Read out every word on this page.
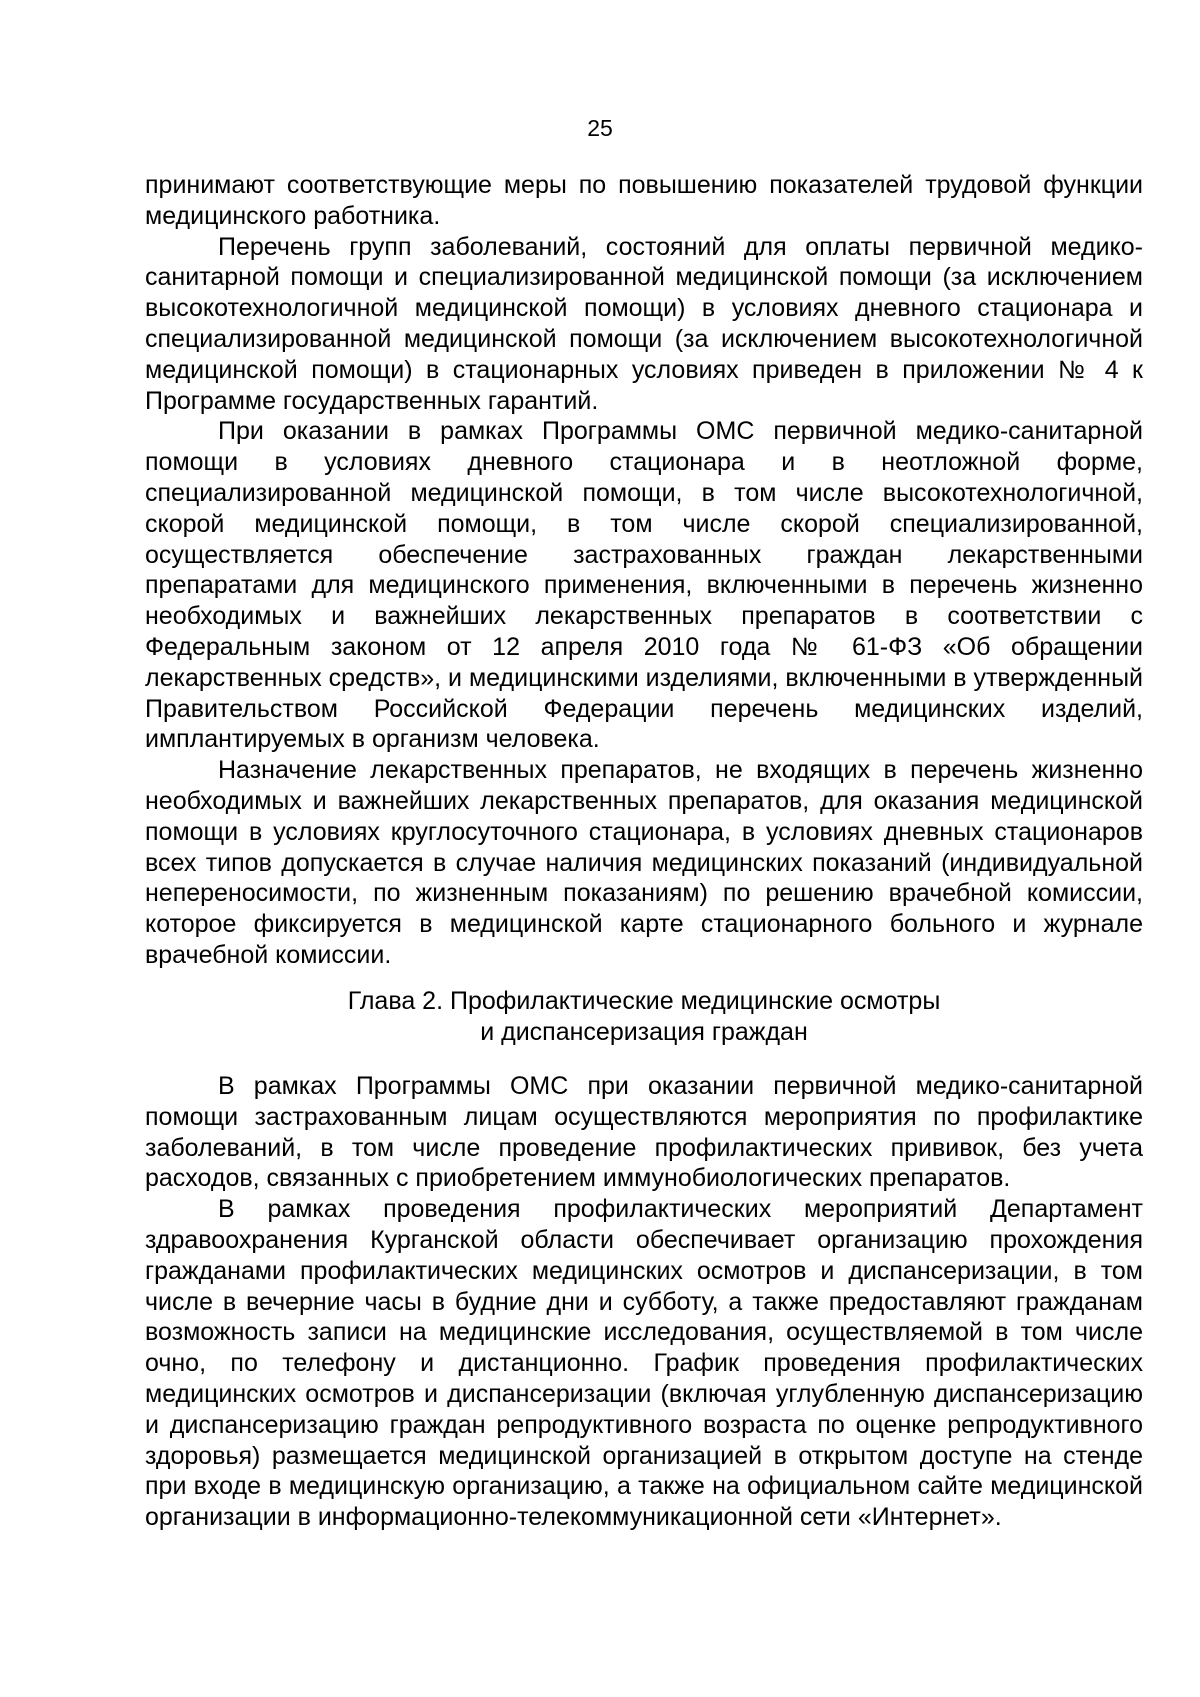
25

принимают соответствующие меры по повышению показателей трудовой функции медицинского работника.

Перечень групп заболеваний, состояний для оплаты первичной медико-санитарной помощи и специализированной медицинской помощи (за исключением высокотехнологичной медицинской помощи) в условиях дневного стационара и специализированной медицинской помощи (за исключением высокотехнологичной медицинской помощи) в стационарных условиях приведен в приложении № 4 к Программе государственных гарантий.

При оказании в рамках Программы ОМС первичной медико-санитарной помощи в условиях дневного стационара и в неотложной форме, специализированной медицинской помощи, в том числе высокотехнологичной, скорой медицинской помощи, в том числе скорой специализированной, осуществляется обеспечение застрахованных граждан лекарственными препаратами для медицинского применения, включенными в перечень жизненно необходимых и важнейших лекарственных препаратов в соответствии с Федеральным законом от 12 апреля 2010 года № 61-ФЗ «Об обращении лекарственных средств», и медицинскими изделиями, включенными в утвержденный Правительством Российской Федерации перечень медицинских изделий, имплантируемых в организм человека.

Назначение лекарственных препаратов, не входящих в перечень жизненно необходимых и важнейших лекарственных препаратов, для оказания медицинской помощи в условиях круглосуточного стационара, в условиях дневных стационаров всех типов допускается в случае наличия медицинских показаний (индивидуальной непереносимости, по жизненным показаниям) по решению врачебной комиссии, которое фиксируется в медицинской карте стационарного больного и журнале врачебной комиссии.

Глава 2. Профилактические медицинские осмотры
и диспансеризация граждан

В рамках Программы ОМС при оказании первичной медико-санитарной помощи застрахованным лицам осуществляются мероприятия по профилактике заболеваний, в том числе проведение профилактических прививок, без учета расходов, связанных с приобретением иммунобиологических препаратов.

В рамках проведения профилактических мероприятий Департамент здравоохранения Курганской области обеспечивает организацию прохождения гражданами профилактических медицинских осмотров и диспансеризации, в том числе в вечерние часы в будние дни и субботу, а также предоставляют гражданам возможность записи на медицинские исследования, осуществляемой в том числе очно, по телефону и дистанционно. График проведения профилактических медицинских осмотров и диспансеризации (включая углубленную диспансеризацию и диспансеризацию граждан репродуктивного возраста по оценке репродуктивного здоровья) размещается медицинской организацией в открытом доступе на стенде при входе в медицинскую организацию, а также на официальном сайте медицинской организации в информационно-телекоммуникационной сети «Интернет».
